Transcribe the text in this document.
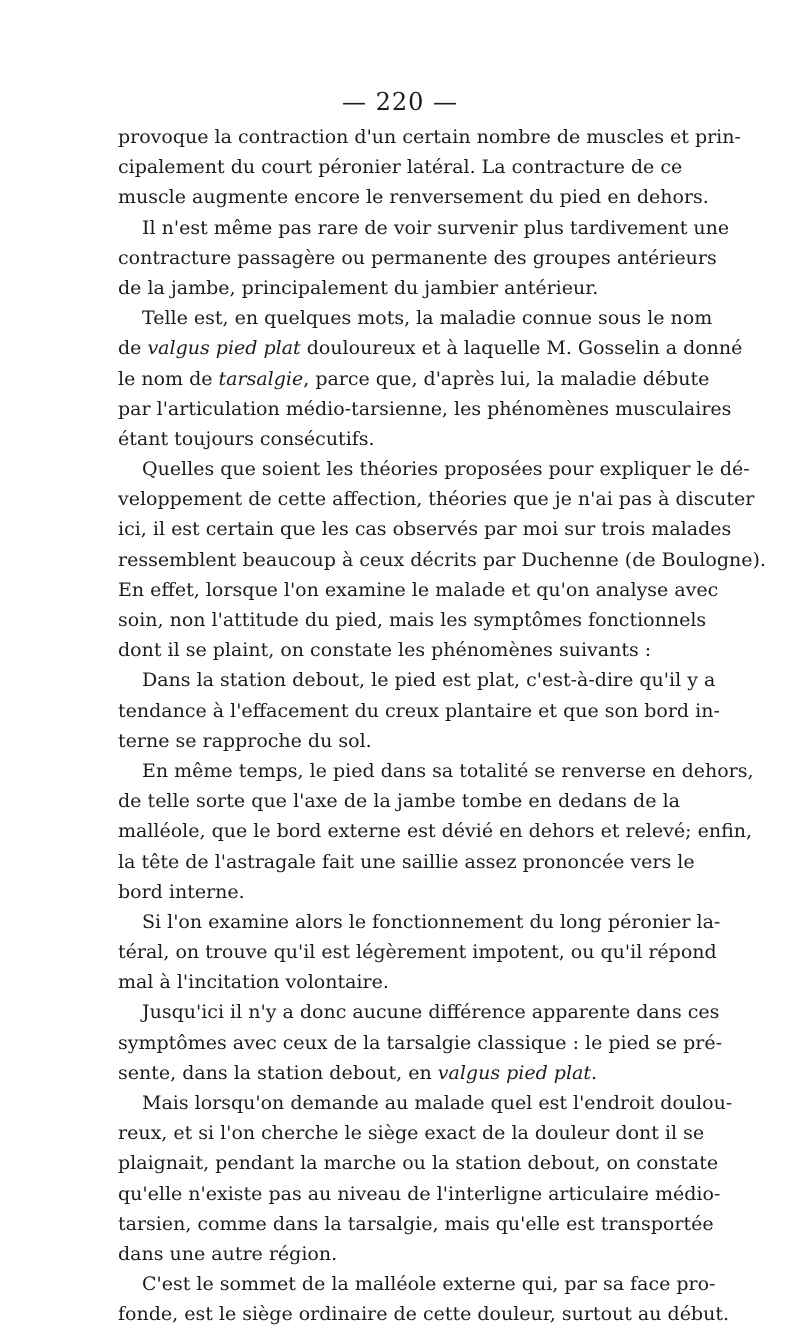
— 220 —
provoque la contraction d'un certain nombre de muscles et prin-
cipalement du court péronier latéral. La contracture de ce
muscle augmente encore le renversement du pied en dehors.
Il n'est même pas rare de voir survenir plus tardivement une
contracture passagère ou permanente des groupes antérieurs
de la jambe, principalement du jambier antérieur.
Telle est, en quelques mots, la maladie connue sous le nom
de valgus pied plat douloureux et à laquelle M. Gosselin a donné
le nom de tarsalgie, parce que, d'après lui, la maladie débute
par l'articulation médio-tarsienne, les phénomènes musculaires
étant toujours consécutifs.
Quelles que soient les théories proposées pour expliquer le dé-
veloppement de cette affection, théories que je n'ai pas à discuter
ici, il est certain que les cas observés par moi sur trois malades
ressemblent beaucoup à ceux décrits par Duchenne (de Boulogne).
En effet, lorsque l'on examine le malade et qu'on analyse avec
soin, non l'attitude du pied, mais les symptômes fonctionnels
dont il se plaint, on constate les phénomènes suivants :
Dans la station debout, le pied est plat, c'est-à-dire qu'il y a
tendance à l'effacement du creux plantaire et que son bord in-
terne se rapproche du sol.
En même temps, le pied dans sa totalité se renverse en dehors,
de telle sorte que l'axe de la jambe tombe en dedans de la
malléole, que le bord externe est dévié en dehors et relevé; enfin,
la tête de l'astragale fait une saillie assez prononcée vers le
bord interne.
Si l'on examine alors le fonctionnement du long péronier la-
téral, on trouve qu'il est légèrement impotent, ou qu'il répond
mal à l'incitation volontaire.
Jusqu'ici il n'y a donc aucune différence apparente dans ces
symptômes avec ceux de la tarsalgie classique : le pied se pré-
sente, dans la station debout, en valgus pied plat.
Mais lorsqu'on demande au malade quel est l'endroit doulou-
reux, et si l'on cherche le siège exact de la douleur dont il se
plaignait, pendant la marche ou la station debout, on constate
qu'elle n'existe pas au niveau de l'interligne articulaire médio-
tarsien, comme dans la tarsalgie, mais qu'elle est transportée
dans une autre région.
C'est le sommet de la malléole externe qui, par sa face pro-
fonde, est le siège ordinaire de cette douleur, surtout au début.
